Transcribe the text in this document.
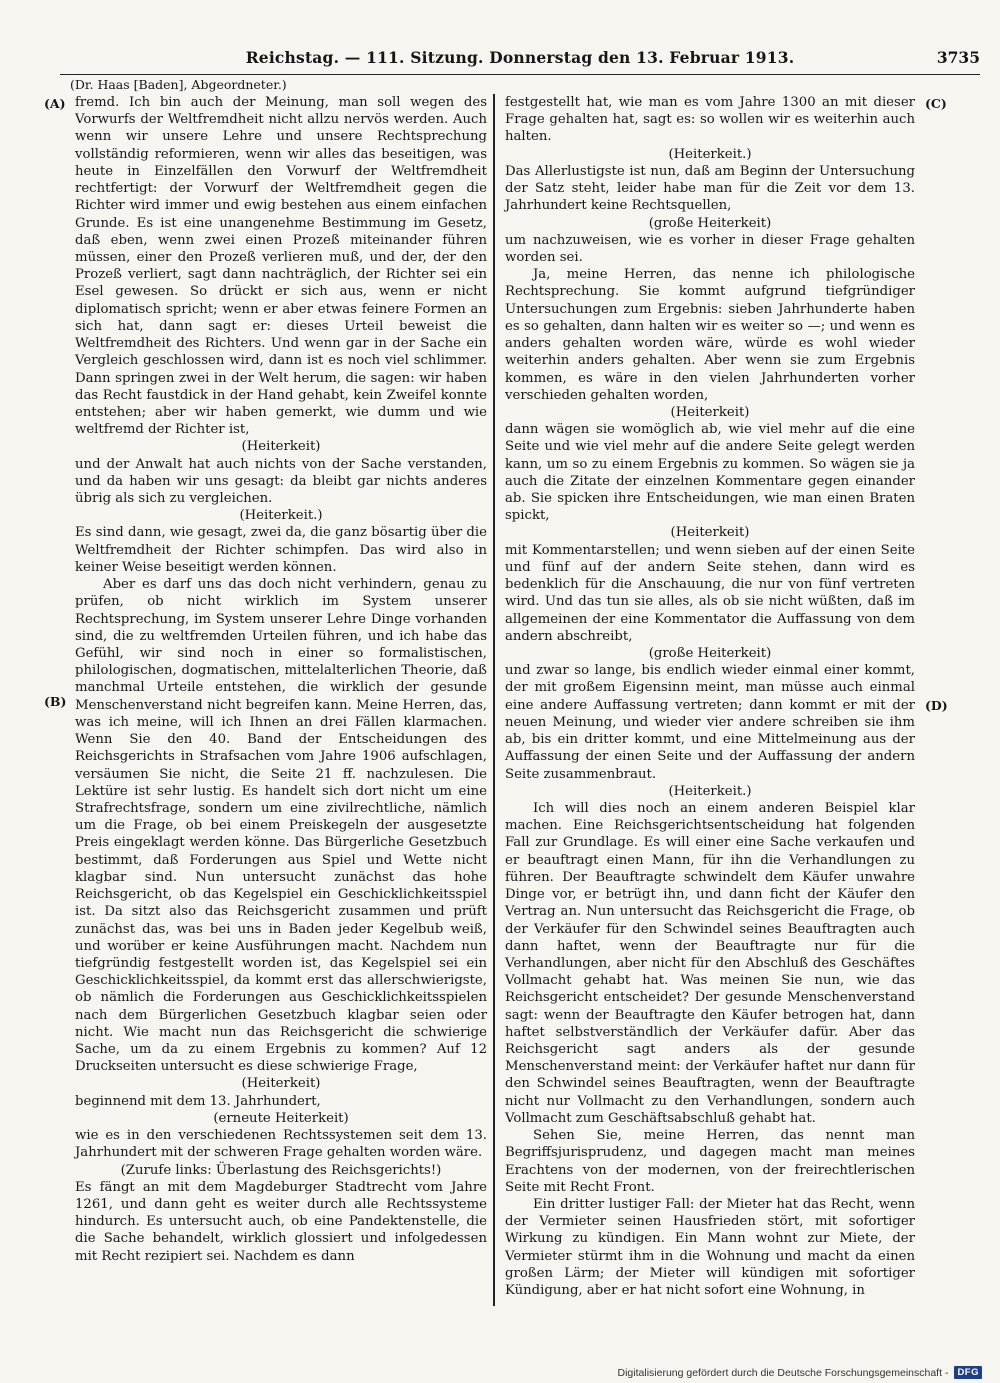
Reichstag. — 111. Sitzung. Donnerstag den 13. Februar 1913.	3735
(Dr. Haas [Baden], Abgeordneter.)
(A)
(B)
(C)
(D)

fremd. Ich bin auch der Meinung, man soll wegen des Vorwurfs der Weltfremdheit nicht allzu nervös werden. Auch wenn wir unsere Lehre und unsere Rechtsprechung vollständig reformieren, wenn wir alles das beseitigen, was heute in Einzelfällen den Vorwurf der Weltfremdheit rechtfertigt: der Vorwurf der Weltfremdheit gegen die Richter wird immer und ewig bestehen aus einem einfachen Grunde. Es ist eine unangenehme Bestimmung im Gesetz, daß eben, wenn zwei einen Prozeß miteinander führen müssen, einer den Prozeß verlieren muß, und der, der den Prozeß verliert, sagt dann nachträglich, der Richter sei ein Esel gewesen. So drückt er sich aus, wenn er nicht diplomatisch spricht; wenn er aber etwas feinere Formen an sich hat, dann sagt er: dieses Urteil beweist die Weltfremdheit des Richters. Und wenn gar in der Sache ein Vergleich geschlossen wird, dann ist es noch viel schlimmer. Dann springen zwei in der Welt herum, die sagen: wir haben das Recht faustdick in der Hand gehabt, kein Zweifel konnte entstehen; aber wir haben gemerkt, wie dumm und wie weltfremd der Richter ist,

(Heiterkeit)

und der Anwalt hat auch nichts von der Sache verstanden, und da haben wir uns gesagt: da bleibt gar nichts anderes übrig als sich zu vergleichen.

(Heiterkeit.)

Es sind dann, wie gesagt, zwei da, die ganz bösartig über die Weltfremdheit der Richter schimpfen. Das wird also in keiner Weise beseitigt werden können.

Aber es darf uns das doch nicht verhindern, genau zu prüfen, ob nicht wirklich im System unserer Rechtsprechung, im System unserer Lehre Dinge vorhanden sind, die zu weltfremden Urteilen führen, und ich habe das Gefühl, wir sind noch in einer so formalistischen, philologischen, dogmatischen, mittelalterlichen Theorie, daß manchmal Urteile entstehen, die wirklich der gesunde Menschenverstand nicht begreifen kann. Meine Herren, das, was ich meine, will ich Ihnen an drei Fällen klarmachen. Wenn Sie den 40. Band der Entscheidungen des Reichsgerichts in Strafsachen vom Jahre 1906 aufschlagen, versäumen Sie nicht, die Seite 21 ff. nachzulesen. Die Lektüre ist sehr lustig. Es handelt sich dort nicht um eine Strafrechtsfrage, sondern um eine zivilrechtliche, nämlich um die Frage, ob bei einem Preiskegeln der ausgesetzte Preis eingeklagt werden könne. Das Bürgerliche Gesetzbuch bestimmt, daß Forderungen aus Spiel und Wette nicht klagbar sind. Nun untersucht zunächst das hohe Reichsgericht, ob das Kegelspiel ein Geschicklichkeitsspiel ist. Da sitzt also das Reichsgericht zusammen und prüft zunächst das, was bei uns in Baden jeder Kegelbub weiß, und worüber er keine Ausführungen macht. Nachdem nun tiefgründig festgestellt worden ist, das Kegelspiel sei ein Geschicklichkeitsspiel, da kommt erst das allerschwierigste, ob nämlich die Forderungen aus Geschicklichkeitsspielen nach dem Bürgerlichen Gesetzbuch klagbar seien oder nicht. Wie macht nun das Reichsgericht die schwierige Sache, um da zu einem Ergebnis zu kommen? Auf 12 Druckseiten untersucht es diese schwierige Frage,

(Heiterkeit)

beginnend mit dem 13. Jahrhundert,

(erneute Heiterkeit)

wie es in den verschiedenen Rechtssystemen seit dem 13. Jahrhundert mit der schweren Frage gehalten worden wäre.

(Zurufe links: Überlastung des Reichsgerichts!)

Es fängt an mit dem Magdeburger Stadtrecht vom Jahre 1261, und dann geht es weiter durch alle Rechtssysteme hindurch. Es untersucht auch, ob eine Pandektenstelle, die die Sache behandelt, wirklich glossiert und infolgedessen mit Recht rezipiert sei. Nachdem es dann

festgestellt hat, wie man es vom Jahre 1300 an mit dieser Frage gehalten hat, sagt es: so wollen wir es weiterhin auch halten.

(Heiterkeit.)

Das Allerlustigste ist nun, daß am Beginn der Untersuchung der Satz steht, leider habe man für die Zeit vor dem 13. Jahrhundert keine Rechtsquellen,

(große Heiterkeit)

um nachzuweisen, wie es vorher in dieser Frage gehalten worden sei.

Ja, meine Herren, das nenne ich philologische Rechtsprechung. Sie kommt aufgrund tiefgründiger Untersuchungen zum Ergebnis: sieben Jahrhunderte haben es so gehalten, dann halten wir es weiter so —; und wenn es anders gehalten worden wäre, würde es wohl wieder weiterhin anders gehalten. Aber wenn sie zum Ergebnis kommen, es wäre in den vielen Jahrhunderten vorher verschieden gehalten worden,

(Heiterkeit)

dann wägen sie womöglich ab, wie viel mehr auf die eine Seite und wie viel mehr auf die andere Seite gelegt werden kann, um so zu einem Ergebnis zu kommen. So wägen sie ja auch die Zitate der einzelnen Kommentare gegen einander ab. Sie spicken ihre Entscheidungen, wie man einen Braten spickt,

(Heiterkeit)

mit Kommentarstellen; und wenn sieben auf der einen Seite und fünf auf der andern Seite stehen, dann wird es bedenklich für die Anschauung, die nur von fünf vertreten wird. Und das tun sie alles, als ob sie nicht wüßten, daß im allgemeinen der eine Kommentator die Auffassung von dem andern abschreibt,

(große Heiterkeit)

und zwar so lange, bis endlich wieder einmal einer kommt, der mit großem Eigensinn meint, man müsse auch einmal eine andere Auffassung vertreten; dann kommt er mit der neuen Meinung, und wieder vier andere schreiben sie ihm ab, bis ein dritter kommt, und eine Mittelmeinung aus der Auffassung der einen Seite und der Auffassung der andern Seite zusammenbraut.

(Heiterkeit.)

Ich will dies noch an einem anderen Beispiel klar machen. Eine Reichsgerichtsentscheidung hat folgenden Fall zur Grundlage. Es will einer eine Sache verkaufen und er beauftragt einen Mann, für ihn die Verhandlungen zu führen. Der Beauftragte schwindelt dem Käufer unwahre Dinge vor, er betrügt ihn, und dann ficht der Käufer den Vertrag an. Nun untersucht das Reichsgericht die Frage, ob der Verkäufer für den Schwindel seines Beauftragten auch dann haftet, wenn der Beauftragte nur für die Verhandlungen, aber nicht für den Abschluß des Geschäftes Vollmacht gehabt hat. Was meinen Sie nun, wie das Reichsgericht entscheidet? Der gesunde Menschenverstand sagt: wenn der Beauftragte den Käufer betrogen hat, dann haftet selbstverständlich der Verkäufer dafür. Aber das Reichsgericht sagt anders als der gesunde Menschenverstand meint: der Verkäufer haftet nur dann für den Schwindel seines Beauftragten, wenn der Beauftragte nicht nur Vollmacht zu den Verhandlungen, sondern auch Vollmacht zum Geschäftsabschluß gehabt hat.

Sehen Sie, meine Herren, das nennt man Begriffsjurisprudenz, und dagegen macht man meines Erachtens von der modernen, von der freirechtlerischen Seite mit Recht Front.

Ein dritter lustiger Fall: der Mieter hat das Recht, wenn der Vermieter seinen Hausfrieden stört, mit sofortiger Wirkung zu kündigen. Ein Mann wohnt zur Miete, der Vermieter stürmt ihm in die Wohnung und macht da einen großen Lärm; der Mieter will kündigen mit sofortiger Kündigung, aber er hat nicht sofort eine Wohnung, in

Digitalisierung gefördert durch die Deutsche Forschungsgemeinschaft - DFG
